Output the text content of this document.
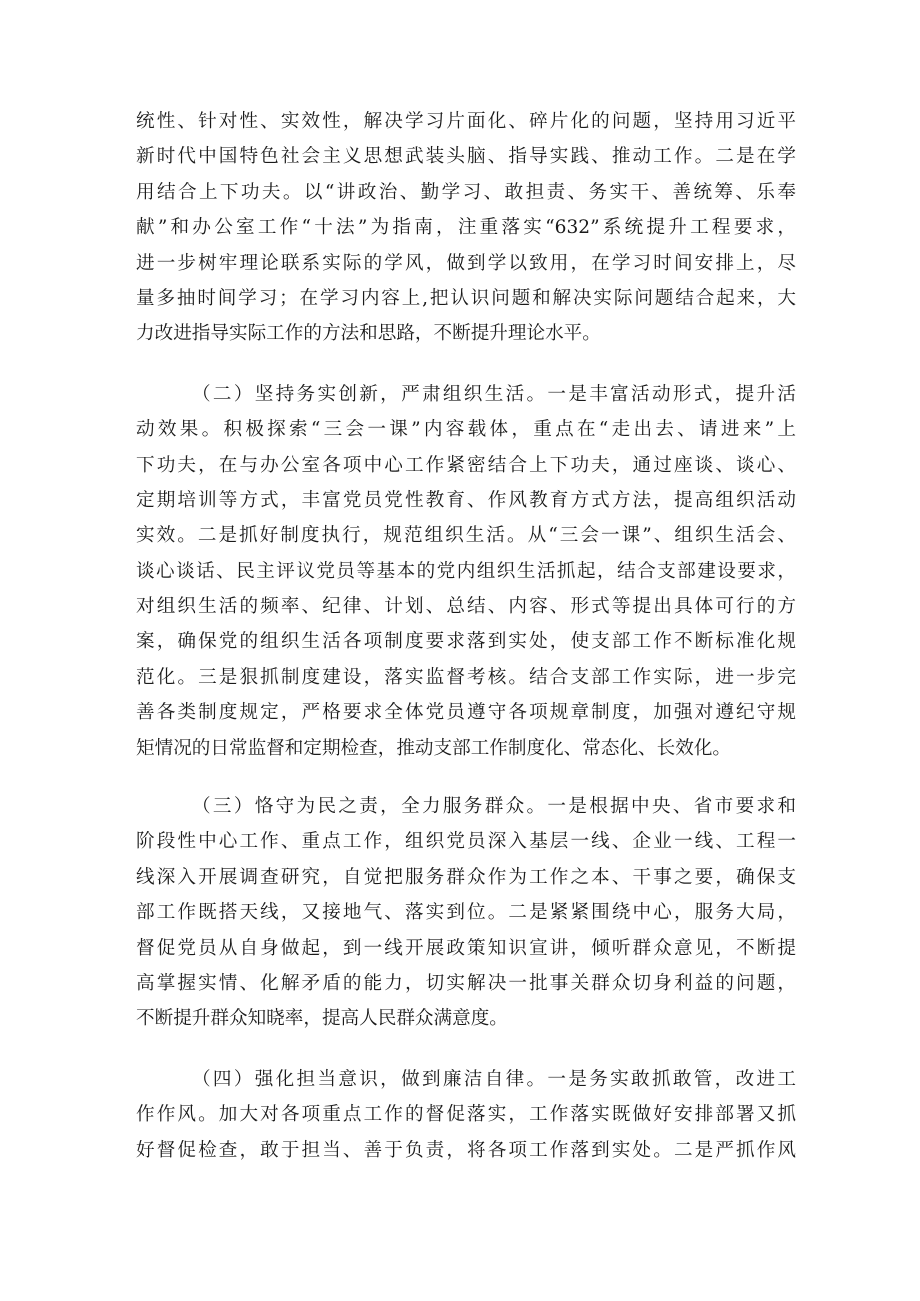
统性、针对性、实效性，解决学习片面化、碎片化的问题，坚持用习近平
新时代中国特色社会主义思想武装头脑、指导实践、推动工作。二是在学
用结合上下功夫。以“讲政治、勤学习、敢担责、务实干、善统筹、乐奉
献”和办公室工作“十法”为指南，注重落实“632”系统提升工程要求，
进一步树牢理论联系实际的学风，做到学以致用，在学习时间安排上，尽
量多抽时间学习；在学习内容上,把认识问题和解决实际问题结合起来，大
力改进指导实际工作的方法和思路，不断提升理论水平。
（二）坚持务实创新，严肃组织生活。一是丰富活动形式，提升活
动效果。积极探索“三会一课”内容载体，重点在“走出去、请进来”上
下功夫，在与办公室各项中心工作紧密结合上下功夫，通过座谈、谈心、
定期培训等方式，丰富党员党性教育、作风教育方式方法，提高组织活动
实效。二是抓好制度执行，规范组织生活。从“三会一课”、组织生活会、
谈心谈话、民主评议党员等基本的党内组织生活抓起，结合支部建设要求，
对组织生活的频率、纪律、计划、总结、内容、形式等提出具体可行的方
案，确保党的组织生活各项制度要求落到实处，使支部工作不断标准化规
范化。三是狠抓制度建设，落实监督考核。结合支部工作实际，进一步完
善各类制度规定，严格要求全体党员遵守各项规章制度，加强对遵纪守规
矩情况的日常监督和定期检查，推动支部工作制度化、常态化、长效化。
（三）恪守为民之责，全力服务群众。一是根据中央、省市要求和
阶段性中心工作、重点工作，组织党员深入基层一线、企业一线、工程一
线深入开展调查研究，自觉把服务群众作为工作之本、干事之要，确保支
部工作既搭天线，又接地气、落实到位。二是紧紧围绕中心，服务大局，
督促党员从自身做起，到一线开展政策知识宣讲，倾听群众意见，不断提
高掌握实情、化解矛盾的能力，切实解决一批事关群众切身利益的问题，
不断提升群众知晓率，提高人民群众满意度。
（四）强化担当意识，做到廉洁自律。一是务实敢抓敢管，改进工
作作风。加大对各项重点工作的督促落实，工作落实既做好安排部署又抓
好督促检查，敢于担当、善于负责，将各项工作落到实处。二是严抓作风
